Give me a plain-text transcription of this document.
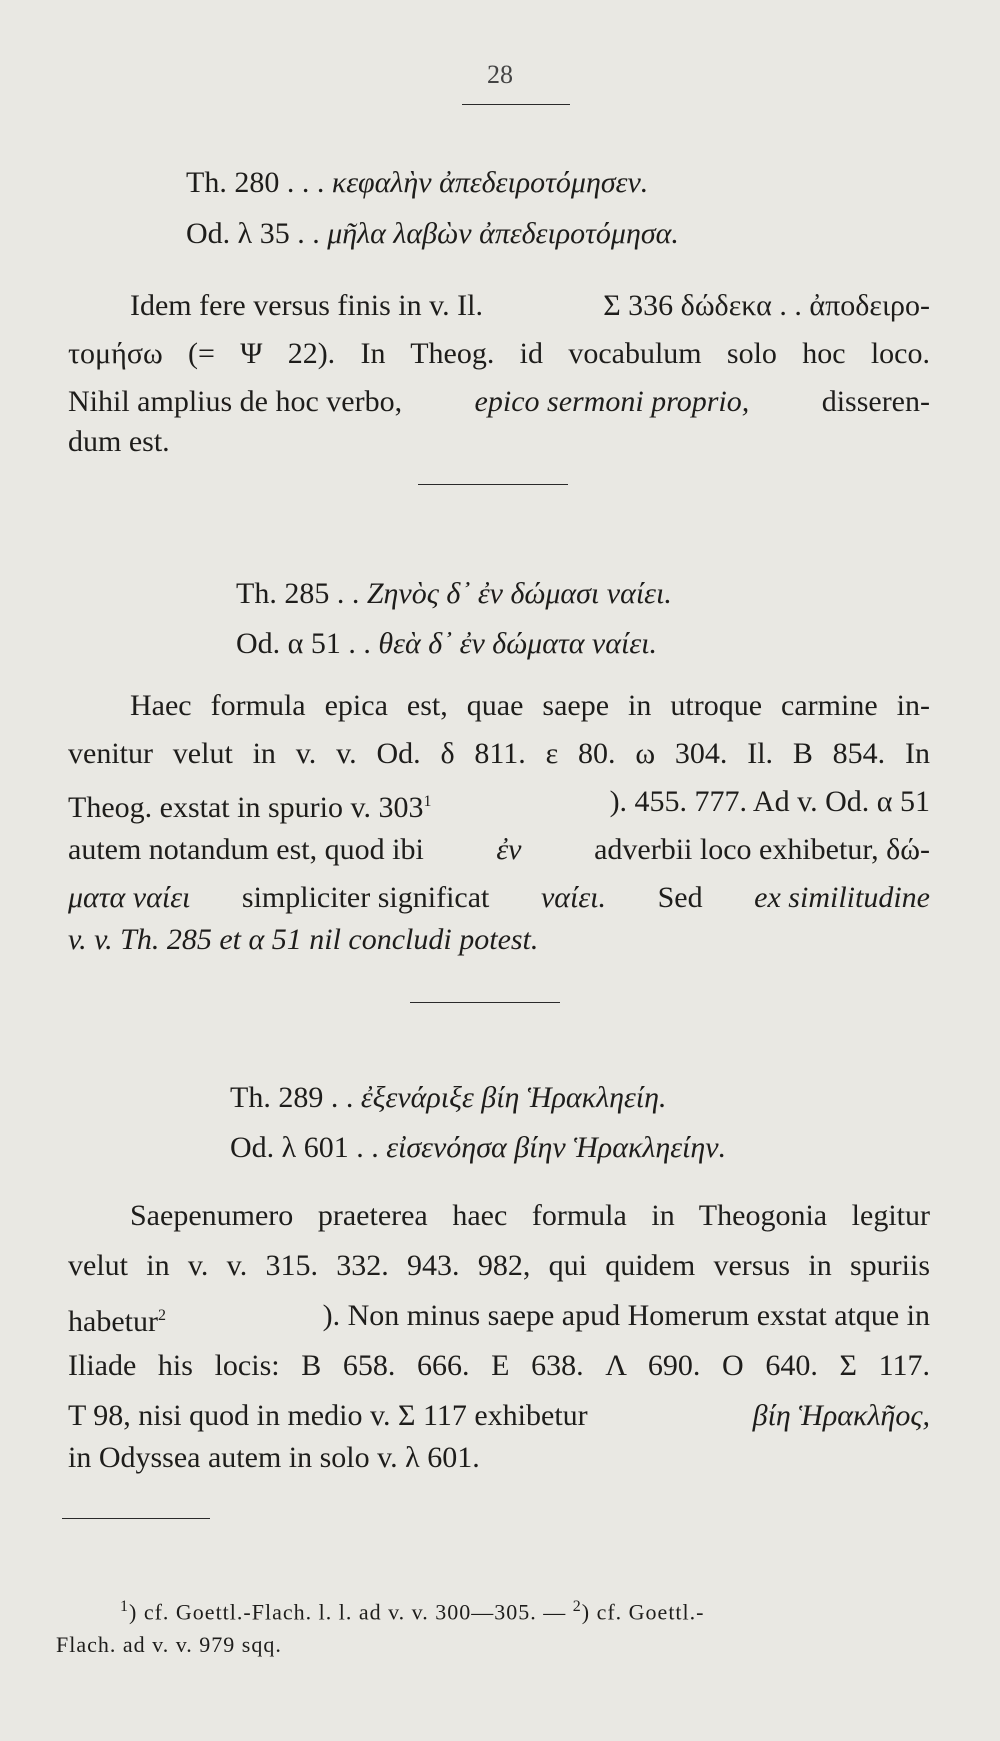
28
Th. 280 . . . κεφαλὴν ἀπεδειροτόμησεν.
Od. λ 35 . . μῆλα λαβὼν ἀπεδειροτόμησα.
Idem fere versus finis in v. Il.	Σ 336 δώδεκα . . ἀποδειρο-
τομήσω (= Ψ 22). In Theog. id vocabulum solo hoc loco.
Nihil amplius de hoc verbo, epico sermoni proprio, disseren-
dum est.
Th. 285 . . Ζηνὸς δ᾽ ἐν δώμασι ναίει.
Od. α 51 . . θεὰ δ᾽ ἐν δώματα ναίει.
Haec formula epica est, quae saepe in utroque carmine in-
venitur velut in v. v. Od. δ 811. ε 80. ω 304. Il. B 854. In
Theog. exstat in spurio v. $303^1$	). 455. 777. Ad v. Od. α 51
autem notandum est, quod ibi ἐν adverbii loco exhibetur, δώ-
ματα ναίει simpliciter significat ναίει. Sed ex similitudine
v. v. Th. 285 et α 51 nil concludi potest.
Th. 289 . . ἐξενάριξε βίη Ἡρακληείη.
Od. λ 601 . . εἰσενόησα βίην Ἡρακληείην.
Saepenumero praeterea haec formula in Theogonia legitur
velut in v. v. 315. 332. 943. 982, qui quidem versus in spuriis
habetur$^2$	). Non minus saepe apud Homerum exstat atque in
Iliade his locis: B 658. 666. E 638. Λ 690. O 640. Σ 117.
T 98, nisi quod in medio v. Σ 117 exhibetur	βίη Ἡρακλῆος,
in Odyssea autem in solo v. λ 601.
$^1$) cf. Goettl.-Flach. l. l. ad v. v. 300—305. — $^2$) cf. Goettl.-
Flach. ad v. v. 979 sqq.
